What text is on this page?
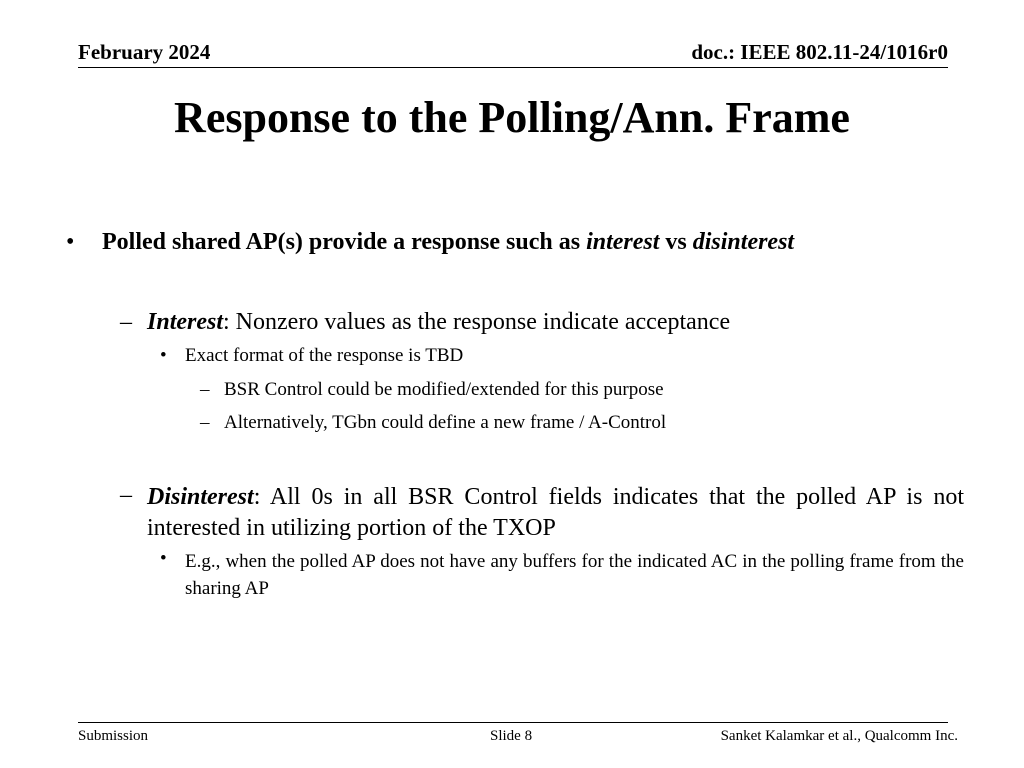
February 2024	doc.: IEEE 802.11-24/1016r0
Response to the Polling/Ann. Frame
• Polled shared AP(s) provide a response such as interest vs disinterest
– Interest: Nonzero values as the response indicate acceptance
• Exact format of the response is TBD
– BSR Control could be modified/extended for this purpose
– Alternatively, TGbn could define a new frame / A-Control
– Disinterest: All 0s in all BSR Control fields indicates that the polled AP is not interested in utilizing portion of the TXOP
• E.g., when the polled AP does not have any buffers for the indicated AC in the polling frame from the sharing AP
Submission	Slide 8	Sanket Kalamkar et al., Qualcomm Inc.
